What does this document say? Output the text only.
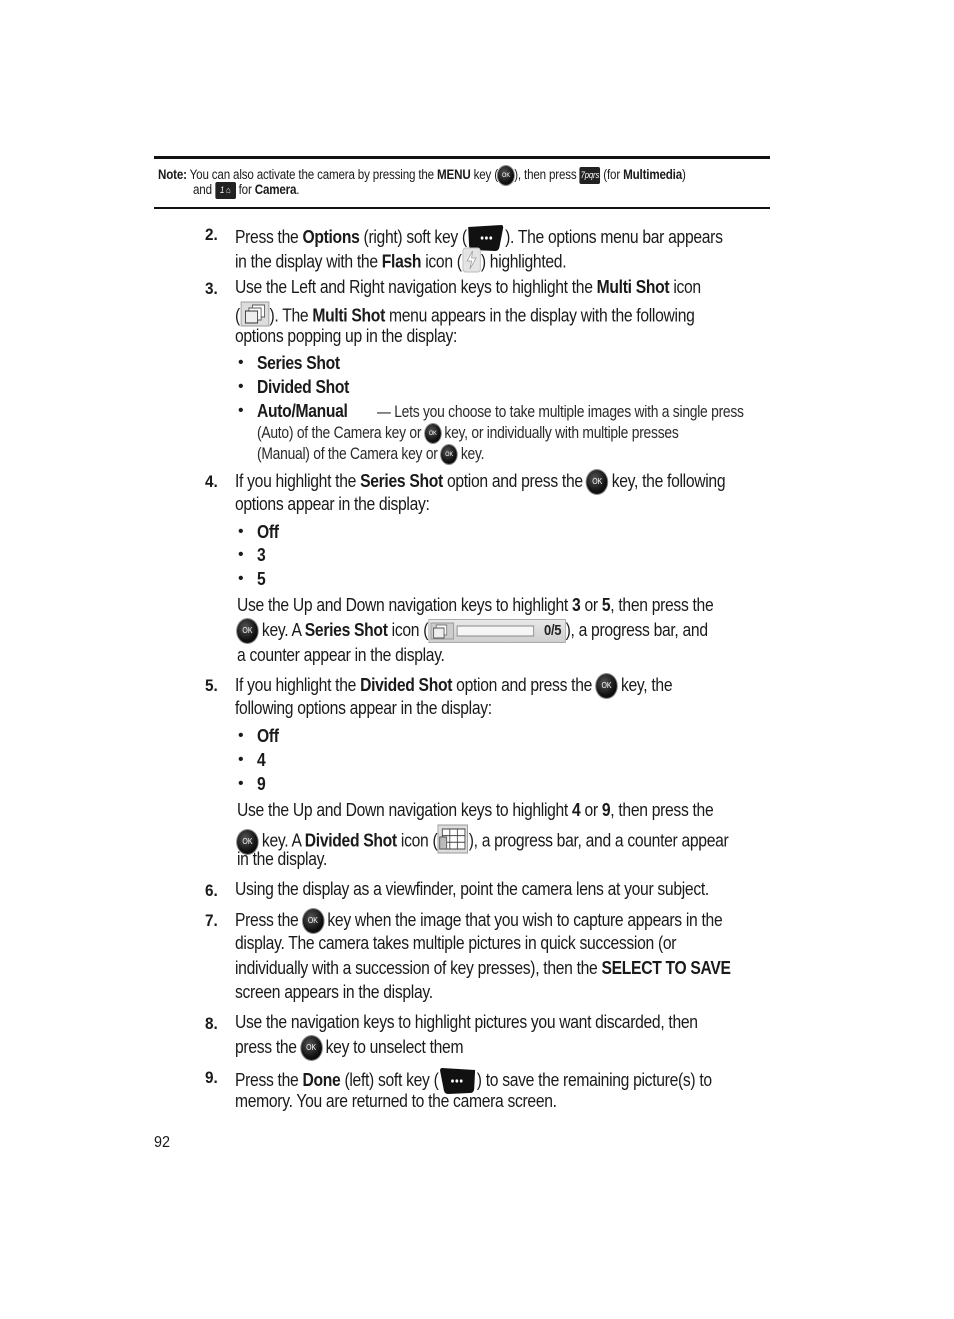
Note: You can also activate the camera by pressing the MENU key ( OK ), then press 7pqrs (for Multimedia)
and 1 ⌂ for Camera.
2. Press the Options (right) soft key ( ). The options menu bar appears
in the display with the Flash icon ( ) highlighted.
3. Use the Left and Right navigation keys to highlight the Multi Shot icon
( ). The Multi Shot menu appears in the display with the following
options popping up in the display:
• Series Shot
• Divided Shot
• Auto/Manual	— Lets you choose to take multiple images with a single press
(Auto) of the Camera key or OK key, or individually with multiple presses
(Manual) of the Camera key or OK key.
4. If you highlight the Series Shot option and press the OK key, the following
options appear in the display:
• Off
• 3
• 5
Use the Up and Down navigation keys to highlight 3 or 5, then press the
OK key. A Series Shot icon (	0/5 ), a progress bar, and
a counter appear in the display.
5. If you highlight the Divided Shot option and press the OK key, the
following options appear in the display:
• Off
• 4
• 9
Use the Up and Down navigation keys to highlight 4 or 9, then press the
OK key. A Divided Shot icon ( ), a progress bar, and a counter appear
in the display.
6. Using the display as a viewfinder, point the camera lens at your subject.
7. Press the OK key when the image that you wish to capture appears in the
display. The camera takes multiple pictures in quick succession (or
individually with a succession of key presses), then the SELECT TO SAVE
screen appears in the display.
8. Use the navigation keys to highlight pictures you want discarded, then
press the OK key to unselect them
9. Press the Done (left) soft key ( ) to save the remaining picture(s) to
memory. You are returned to the camera screen.
92
